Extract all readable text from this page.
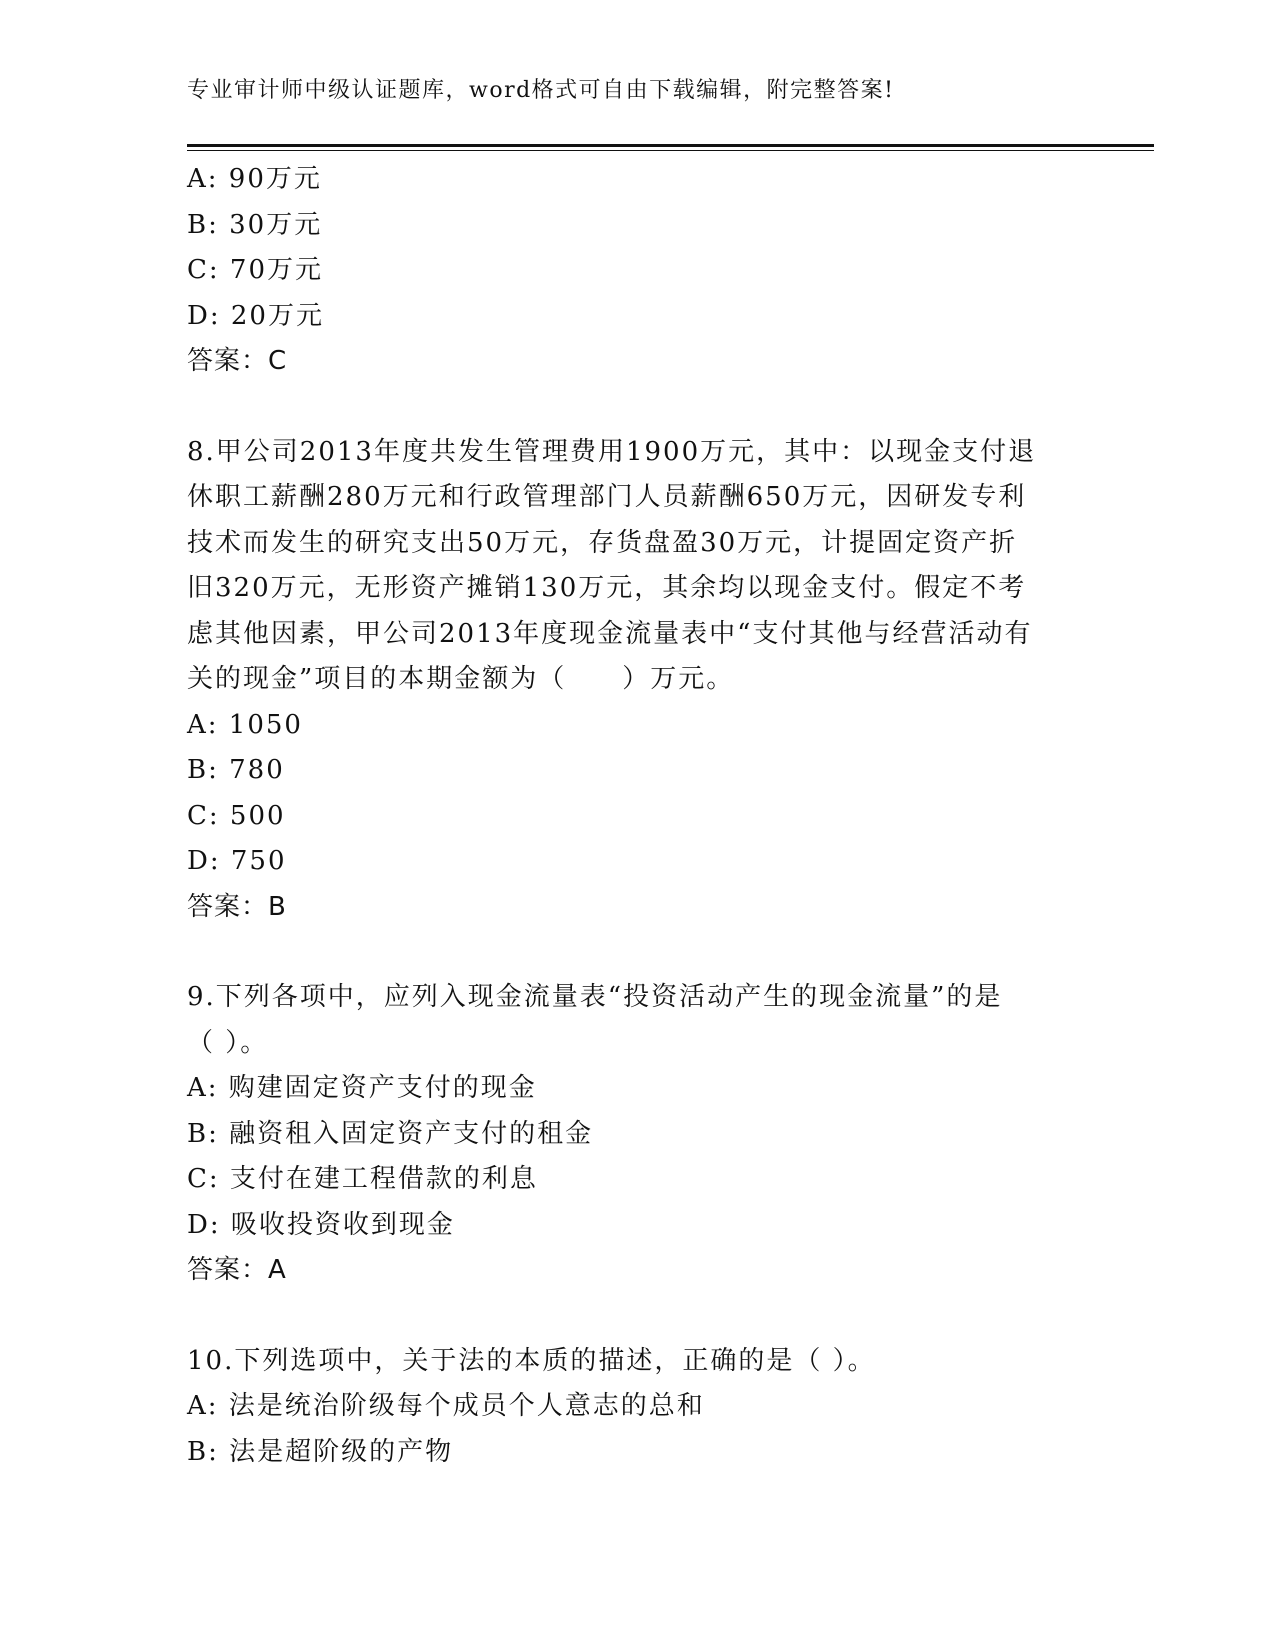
专业审计师中级认证题库，word格式可自由下载编辑，附完整答案!
A: 90万元
B: 30万元
C: 70万元
D: 20万元
答案：C
8.甲公司2013年度共发生管理费用1900万元，其中：以现金支付退
休职工薪酬280万元和行政管理部门人员薪酬650万元，因研发专利
技术而发生的研究支出50万元，存货盘盈30万元，计提固定资产折
旧320万元，无形资产摊销130万元，其余均以现金支付。假定不考
虑其他因素，甲公司2013年度现金流量表中“支付其他与经营活动有
关的现金”项目的本期金额为（　　）万元。
A: 1050
B: 780
C: 500
D: 750
答案：B
9.下列各项中，应列入现金流量表“投资活动产生的现金流量”的是
（ ）。
A: 购建固定资产支付的现金
B: 融资租入固定资产支付的租金
C: 支付在建工程借款的利息
D: 吸收投资收到现金
答案：A
10.下列选项中，关于法的本质的描述，正确的是（ ）。
A: 法是统治阶级每个成员个人意志的总和
B: 法是超阶级的产物
